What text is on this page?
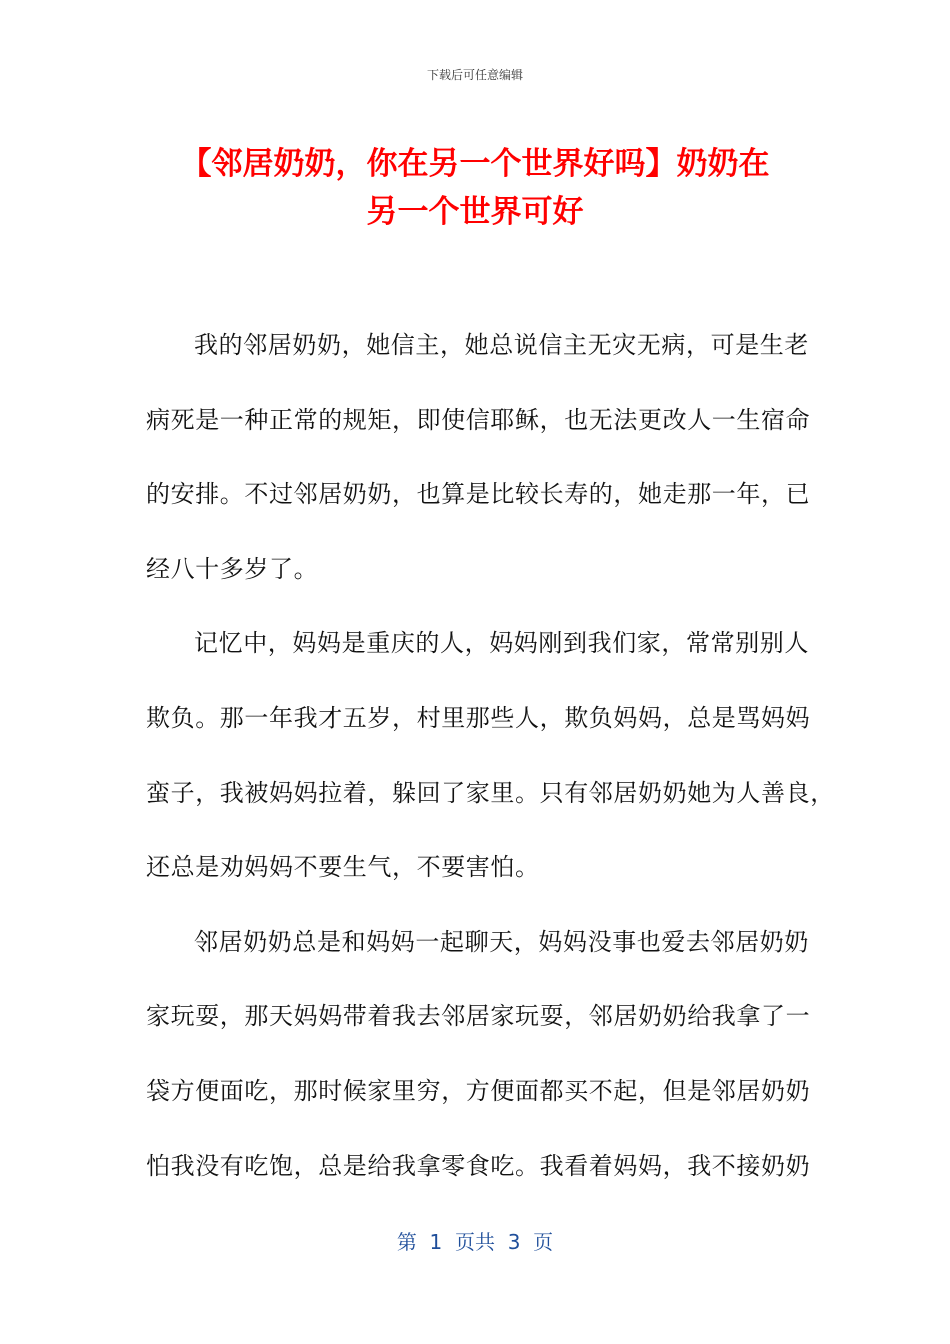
下载后可任意编辑
【邻居奶奶，你在另一个世界好吗】奶奶在
另一个世界可好
我的邻居奶奶，她信主，她总说信主无灾无病，可是生老
病死是一种正常的规矩，即使信耶稣，也无法更改人一生宿命
的安排。不过邻居奶奶，也算是比较长寿的，她走那一年，已
经八十多岁了。
记忆中，妈妈是重庆的人，妈妈刚到我们家，常常别别人
欺负。那一年我才五岁，村里那些人，欺负妈妈，总是骂妈妈
蛮子，我被妈妈拉着，躲回了家里。只有邻居奶奶她为人善良，
还总是劝妈妈不要生气，不要害怕。
邻居奶奶总是和妈妈一起聊天，妈妈没事也爱去邻居奶奶
家玩耍，那天妈妈带着我去邻居家玩耍，邻居奶奶给我拿了一
袋方便面吃，那时候家里穷，方便面都买不起，但是邻居奶奶
怕我没有吃饱，总是给我拿零食吃。我看着妈妈，我不接奶奶
第  1  页共  3  页
